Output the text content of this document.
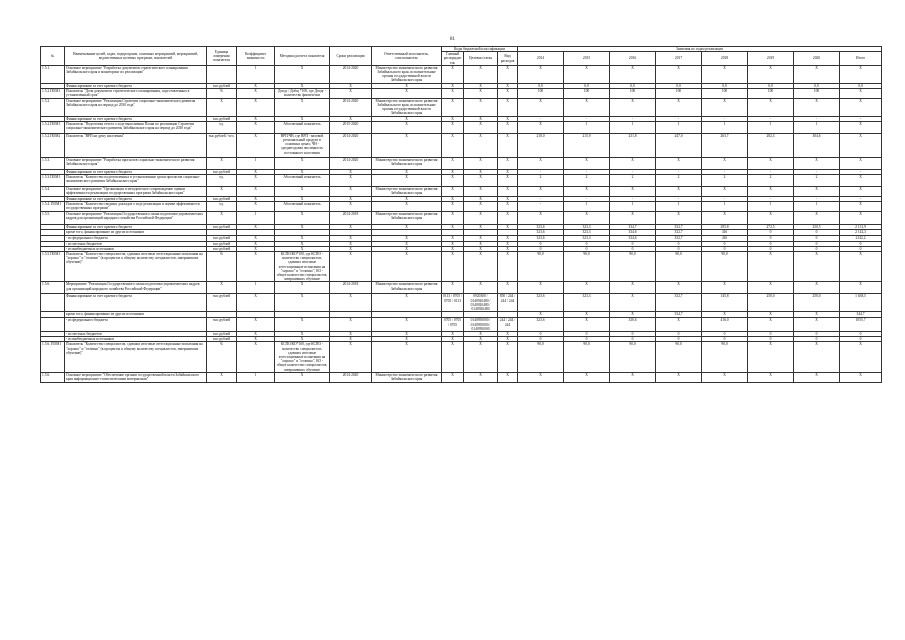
81
№	Наименование целей, задач, подпрограмм, основных мероприятий, мероприятий, ведомственных целевых программ, показателей	Единица измерения показателя	Коэффициент значимости	Методика расчета показателя	Сроки реализации	Ответственный исполнитель, соисполнитель	Коды бюджетной классификации			Значения по годам реализации							
							Главный распорядитель	Целевая статья	Вид расходов	2014	2015	2016	2017	2018	2019	2020	Итого
1.5.1.	Основное мероприятие "Разработка документов стратегического планирования Забайкальского края и мониторинг их реализации"		1	X	2014-2020	Министерство экономического развития Забайкальского края, исполнительные органы государственной власти Забайкальского края	X	X	X	X	X	X	X	X	X	X	X
	Финансирование за счет краевого бюджета	тыс.рублей	X	X	X	X	X	X	X	0,0	0,0	0,0	0,0	0,0	0,0	0,0	0,0
1.5.2.ПОМ1	Показатель "Доля документов стратегического планирования, подготовленных в установленный срок"	%	X	Дподг / Добщ *100, где Дподг - количество фактически	X	X	X	X	X	100	100	100	100	100	100	100	X
1.5.2.	Основное мероприятие "Реализация Стратегии социально-экономического развития Забайкальского края на период до 2030 года"	X	X	X	2014-2020	Министерство экономического развития Забайкальского края, исполнительные органы государственной власти Забайкальского края	X	X	X	X	X	X	X	X	X	X	X
	Финансирование за счет краевого бюджета	тыс.рублей	X	X	X	X	X	X	X	-	-	-	-	-	-	-	-
1.5.2.ПОМ1	Показатель "Подготовка отчета о ходе выполнения Плана по реализации Стратегии социально-экономического развития Забайкальского края на период до 2030 года"	ед.	X	Абсолютный показатель	2015-2020	X	X	X	X	X	1	1	1	1	1	1	X
1.5.2.ПОМ2	Показатель "ВРП на душу населения"	тыс.рублей / чел.	X	ВРП/ЧН, где ВРП - валовой региональный продукт в основных ценах; ЧН - среднегодовая численность постоянного населения	2014-2020	X	X	X	X	210,0	215,9	231,8	247,0	263,7	282,3	304,6	X
1.5.3.	Основное мероприятие "Разработка прогнозов социально-экономического развития Забайкальского края"	X	1	X	2014-2020	Министерство экономического развития Забайкальского края	X	X	X	X	X	X	X	X	X	X	X
	Финансирование за счет краевого бюджета	тыс.рублей	X	X	X	X	X	X	X	-	-	-	-	-	-	-	-
1.5.3.ПОМ1	Показатель "Количество подготовленных в установленные сроки прогнозов социально-экономического развития Забайкальского края"	ед.	X	Абсолютный показатель	X	X	X	X	X	2	2	2	2	2	2	2	X
1.5.4.	Основное мероприятие "Организация и методическое сопровождение оценки эффективности реализации государственных программ Забайкальского края"	X	X	X	X	Министерство экономического развития Забайкальского края	X	X	X	X	X	X	X	X	X	X	X
	Финансирование за счет краевого бюджета	тыс.рублей	X	X	X	X	X	X	X	-	-	-	-	-	-	-	-
1.5.4. ПОМ1	Показатель "Количество сводных докладов о ходе реализации и оценке эффективности государственных программ"	ед.	X	Абсолютный показатель	X	X	X	X	X	-	1	1	1	1	1	1	X
1.5.5.	Основное мероприятие "Реализация Государственного плана подготовки управленческих кадров для организаций народного хозяйства Российской Федерации"	X	1	X	2014-2018	Министерство экономического развития Забайкальского края	X	X	X	X	X	X	X	X	X	X	X
	Финансирование за счет краевого бюджета	тыс.рублей	X	X	X	X	X	X	X	323,6	323,3	334,7	332,7	295,8	272,5	250,5	2 131,9
	кроме того, финансирование из других источников									323,6	323,3	334,6	332,7	416	0	0	2 142,3
	- из федерального бюджета	тыс.рублей	X	X	X	X	X	X	X	323,6	323,3	334,6	332,7	416	0	0	2142,2
	- из местных бюджетов	тыс.рублей	X	X	X	X	X	X	X	0	0	0	0	0	0	0	0
	- из внебюджетных источников	тыс.рублей	X	X	X	X	X	X	X	0	0	0	0	0	0	0	0
1.5.5.ПОМ1	Показатель "Количество специалистов, сдавших итоговые аттестационные испытания на "хорошо" и "отлично" (в процентах к общему количеству специалистов, завершивших обучение)"	%	X	КСПО/КО*100, где КСПО - количество специалистов, сдавших итоговые аттестационные испытания на "хорошо" и "отлично", КО - общее количество специалистов, завершивших обучение	X	X	X	X	X	90,0	90,0	90,0	90,0	90,0	X	X	X
1.5.6.	Мероприятие "Реализация Государственного плана подготовки управленческих кадров для организаций народного хозяйства Российской Федерации"	X	1	X	2014-2018	Министерство экономического развития Забайкальского края	X	X	X	X	X	X	X	X	X	X	X
	Финансирование за счет краевого бюджета	тыс.рублей	X	X	X	X	0113 / 0705 / 0705 / 0113	0920300 / 0140920480 / 0140920480 / 0140920480	850 / 244 / 244 / 244	323,6	323,3	X	332,7	145,8	250,0	250,0	1 638,5
	кроме того, финансирование из других источников									X	X	X	334,7	X	X	X	344,7
	- из федерального бюджета	тыс.рублей	X	X	X	X	0705 / 0705 / 0705	0140950000 / 0140950000 / 0140950000	244 / 244 / 244	323,6	X	330,6	X	416,0	X	X	1055,7
	- из местных бюджетов	тыс.рублей	X	X	X	X	X	X	X	0	0	0	0	0	0	0	0
	- из внебюджетных источников	тыс.рублей	X	X	X	X	X	X	X	0	0	0	0	0	0	0	0
1.5.6. ПОМ1	Показатель "Количество специалистов, сдавших итоговые аттестационные испытания на "хорошо" и "отлично" (в процентах к общему количеству специалистов, завершивших обучение)"	%	X	КСПО/КО*100, где КСПО - количество специалистов, сдавших итоговые аттестационные испытания на "хорошо" и "отлично", КО - общее количество специалистов, завершивших обучение	X	X	X	X	X	90,0	90,0	90,0	90,0	90,0	X	X	X
1.5.6.	Основное мероприятие "Обеспечение органов государственной власти Забайкальского края информационно-статистическими материалами"	X	1	X	2014-2020	Министерство экономического развития Забайкальского края	X	X	X	X	X	X	X	X	X	X	X
